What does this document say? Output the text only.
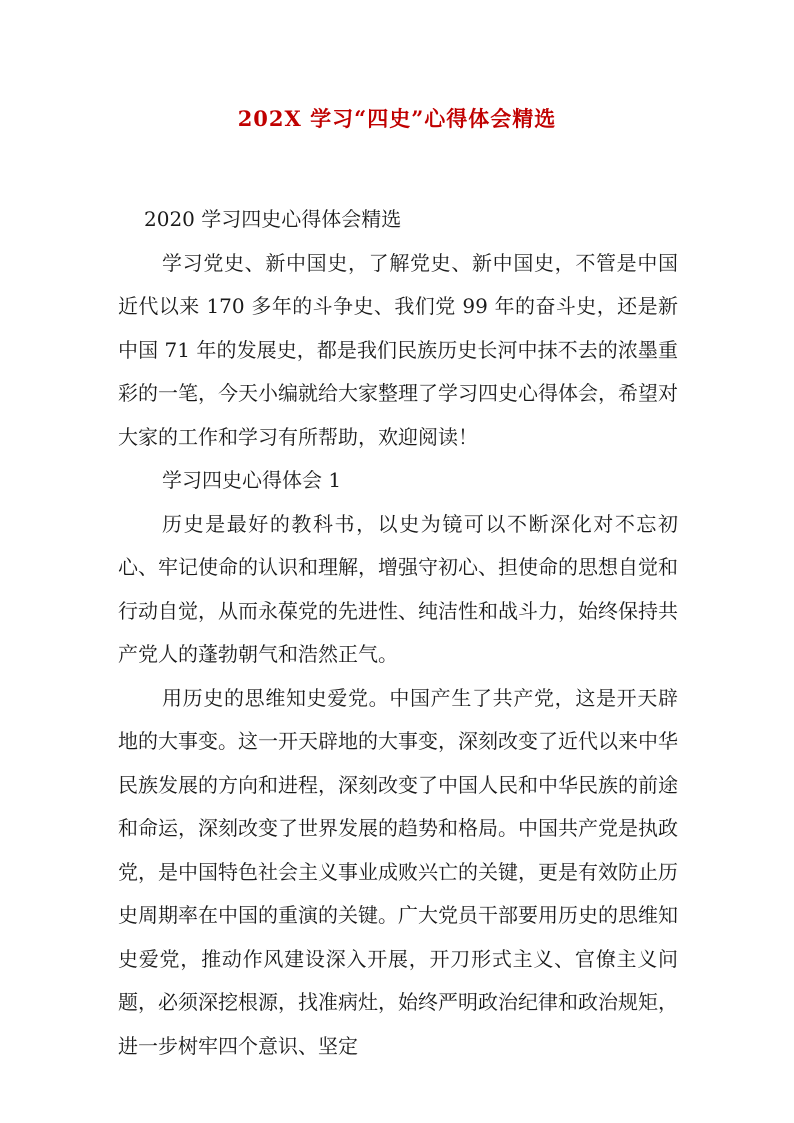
202X 学习“四史”心得体会精选

2020 学习四史心得体会精选

学习党史、新中国史，了解党史、新中国史，不管是中国近代以来 170 多年的斗争史、我们党 99 年的奋斗史，还是新中国 71 年的发展史，都是我们民族历史长河中抹不去的浓墨重彩的一笔，今天小编就给大家整理了学习四史心得体会，希望对大家的工作和学习有所帮助，欢迎阅读！

学习四史心得体会 1

历史是最好的教科书，以史为镜可以不断深化对不忘初心、牢记使命的认识和理解，增强守初心、担使命的思想自觉和行动自觉，从而永葆党的先进性、纯洁性和战斗力，始终保持共产党人的蓬勃朝气和浩然正气。

用历史的思维知史爱党。中国产生了共产党，这是开天辟地的大事变。这一开天辟地的大事变，深刻改变了近代以来中华民族发展的方向和进程，深刻改变了中国人民和中华民族的前途和命运，深刻改变了世界发展的趋势和格局。中国共产党是执政党，是中国特色社会主义事业成败兴亡的关键，更是有效防止历史周期率在中国的重演的关键。广大党员干部要用历史的思维知史爱党，推动作风建设深入开展，开刀形式主义、官僚主义问题，必须深挖根源，找准病灶，始终严明政治纪律和政治规矩，进一步树牢四个意识、坚定
